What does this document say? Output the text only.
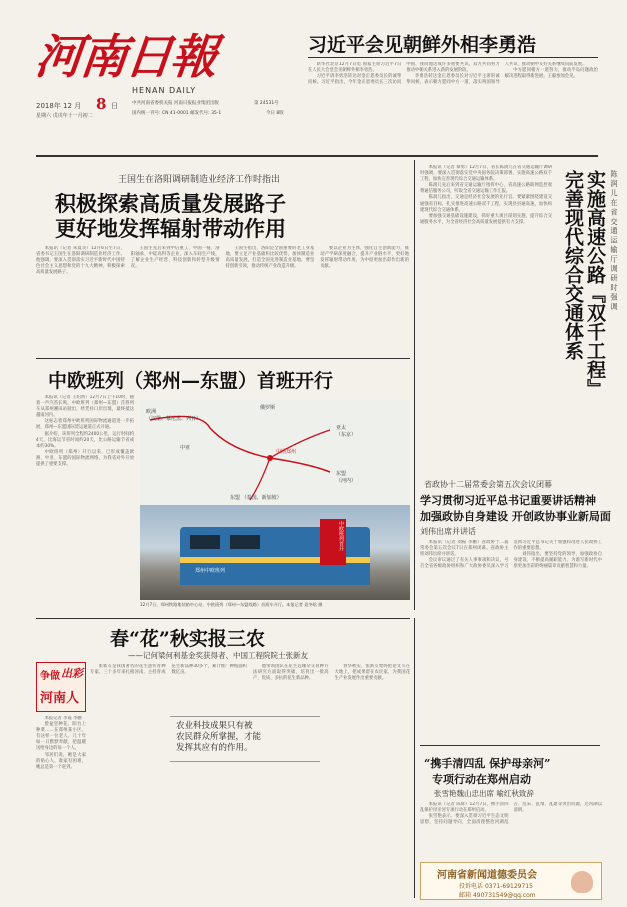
河南日報
HENAN DAILY
2018年 12 月 8 日
星期六 戊戌年十一月初二
中共河南省委机关报 河南日报报业集团出版
国内统一刊号: CN 41-0001 邮发代号: 35-1
第 24531号
今日 8版
习近平会见朝鲜外相李勇浩

新华社北京12月7日电 国家主席习近平7日在人民大会堂会见朝鲜外相李勇浩。

习近平请李勇浩转达对金正恩委员长的诚挚问候。习近平指出，今年金正恩委员长三次访问中国，我同他达成许多重要共识，双方共同努力推动中朝关系进入新的发展阶段。

李勇浩转达金正恩委员长对习近平主席的诚挚问候，表示朝方愿同中方一道，落实两国领导人共识，推动朝中友好关系继续向前发展。

中方愿同朝方一道努力，推动半岛问题政治解决进程取得新进展。王毅参加会见。

王国生在洛阳调研制造业经济工作时指出
积极探索高质量发展路子
更好地发挥辐射带动作用

本报讯（记者 朱夏炎）12月6日至7日，省委书记王国生在洛阳调研制造业经济工作。他强调，要深入贯彻落实习近平新时代中国特色社会主义思想和党的十九大精神，积极探索高质量发展路子。

王国生先后来到中信重工、中国一拖、洛阳轴承、中硅高科等企业，深入车间生产线，了解企业生产经营、科技创新和转型升级情况。

王国生指出，洛阳是全国重要的老工业基地，要立足产业基础和比较优势，加快制造业高质量发展，打造全国先进制造业基地。要坚持创新引领，推动传统产业改造升级。

要以企业为主体，强化自主创新能力，推动产学研深度融合，提升产业链水平，更好地发挥辐射带动作用，为中原更加出彩作出新的贡献。

本报讯（记者 谭勇）12月7日，省长陈润儿在省交通运输厅调研时强调，要深入贯彻落实党中央国务院决策部署，实施高速公路双千工程，加快完善现代综合交通运输体系。

陈润儿先后来到省交通运输厅指挥中心、省高速公路联网监控收费通信服务公司，听取全省交通运输工作汇报。

陈润儿指出，交通是经济社会发展的先行官。要紧紧围绕建设交通强省目标，扎实推进高速公路双千工程，实现县县通高速，加快构建现代综合交通体系。

要加强交通基础设施建设，抓好重大项目谋划实施，提升综合交通服务水平，为全省经济社会高质量发展提供有力支撑。	实施高速公路『双千工程』
完善现代综合交通体系	陈 润 儿 在 省 交 通 运 输 厅 调 研 时 强 调
中欧班列（郑州—东盟）首班开行

本报讯（记者 王绍禹）12月7日上午10时，随着一声汽笛长鸣，中欧班列（郑州—东盟）首班列车从郑州圃田站驶出，经凭祥口岸出境，最终抵达越南河内。

这标志着郑州中欧班列国际物流通道进一步拓展，郑州—东盟国际货运通道正式开通。

据介绍，该班列全程约2400公里，运行时间约4天，比海运节省时间约20天，比公路运输节省成本约30%。

中欧班列（郑州）开行以来，已形成覆盖欧洲、中亚、东盟的国际物流网络，为我省对外开放提供了重要支撑。

欧洲
（汉堡、慕尼黑、列日）
中亚
俄罗斯
亚太
（东京）
中国郑州
东盟
（河内）
东盟 （泰国、新加坡）
中欧班列首开
郑州中欧班列
12月7日，郑州铁路集装箱中心站，中欧班列（郑州—东盟线路）首班车开行。本报记者 聂冬晗 摄
省政协十二届常委会第五次会议闭幕
学习贯彻习近平总书记重要讲话精神
加强政协自身建设 开创政协事业新局面
刘伟出席并讲话

本报讯（记者 刘振 李鹏）省政协十二届常委会第五次会议7日在郑州闭幕。省政协主席刘伟出席并讲话。

会议审议通过了有关人事事项和决议，号召全省各级政协组织和广大政协委员深入学习贯彻习近平总书记关于加强和改进人民政协工作的重要思想。

刘伟指出，要坚持党的领导，加强政协自身建设，不断提高履职能力，为谱写新时代中原更加出彩的绚丽篇章贡献智慧和力量。

春“花”秋实报三农
——记何梁何利基金奖获得者、中国工程院院士张新友

张新友是我国著名的花生遗传育种专家，三十多年来扎根河南，主持育成花生新品种30多个，累计推广种植面积数亿亩。

他带领团队在花生远缘杂交育种方法研究方面取得突破，培育出一批高产、优质、多抗的花生新品种。

春华秋实，张新友始终把论文写在大地上，把成果留在农民家，为我国花生产业发展作出重要贡献。

农业科技成果只有被
农民群众所掌握，才能
发挥其应有的作用。
争做 出彩
河南人

本报记者 李霞 李鹏

脸盆里种花、阳台上种菜……在郑州某小区，有这样一位老人，几十年如一日默默奉献，把温暖送给身边的每一个人。

邻居们说，她是大家的贴心人，谁家有困难，她总是第一个赶到。	“携手清四乱 保护母亲河”
专项行动在郑州启动
张雪艳魏山忠出席 喻红秋致辞

本报讯（记者 陈辉）12月7日，携手清四乱保护母亲河专项行动在郑州启动。

张雪艳表示，要深入贯彻习近平生态文明思想，坚持问题导向，全面清理整治河湖乱占、乱采、乱堆、乱建等突出问题，还河湖以清朗。

河南省新闻道德委员会
投诉电话 0371-69129715
邮箱 490731549@qq.com
